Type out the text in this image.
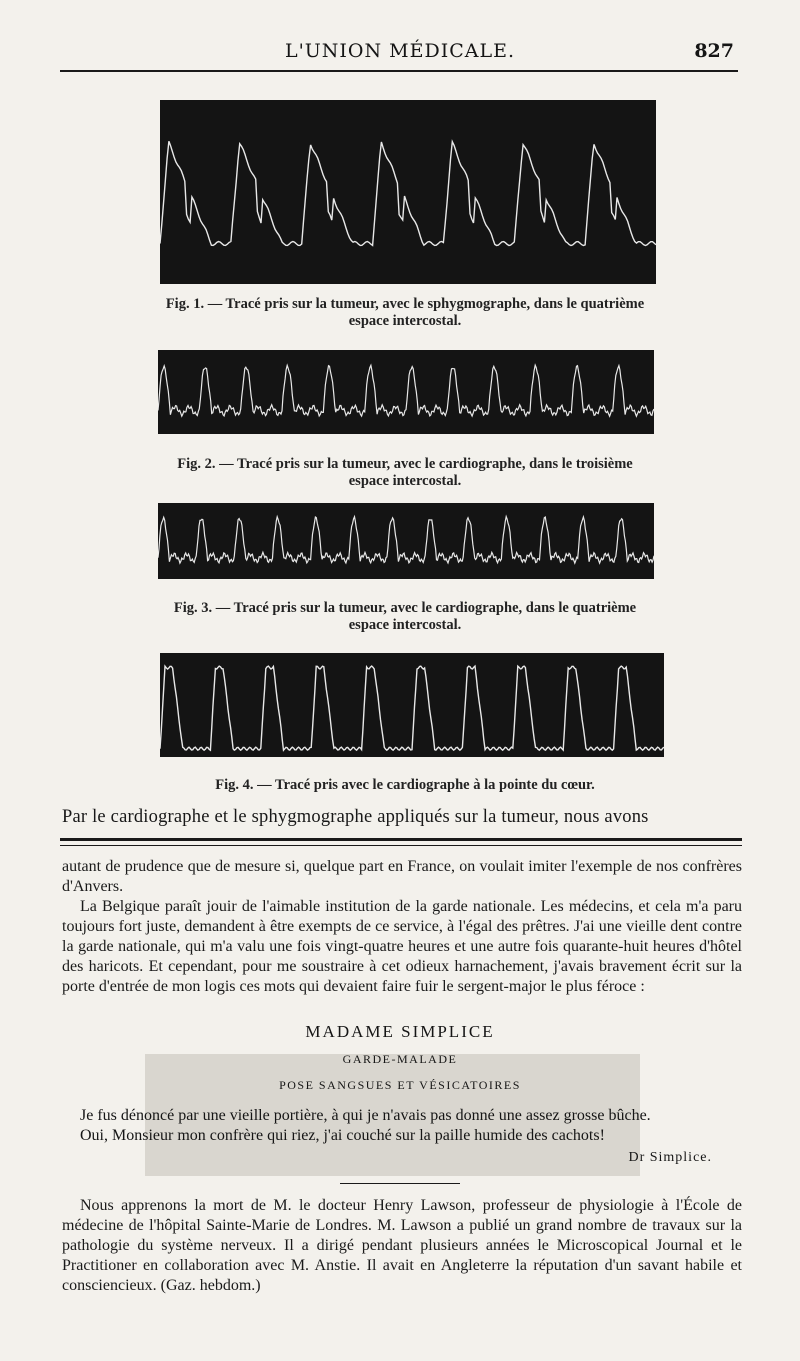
L'UNION MÉDICALE.	827
Fig. 1. — Tracé pris sur la tumeur, avec le sphygmographe, dans le quatrième
espace intercostal.
Fig. 2. — Tracé pris sur la tumeur, avec le cardiographe, dans le troisième
espace intercostal.
Fig. 3. — Tracé pris sur la tumeur, avec le cardiographe, dans le quatrième
espace intercostal.
Fig. 4. — Tracé pris avec le cardiographe à la pointe du cœur.
Par le cardiographe et le sphygmographe appliqués sur la tumeur, nous avons

autant de prudence que de mesure si, quelque part en France, on voulait imiter l'exemple de nos confrères d'Anvers.

La Belgique paraît jouir de l'aimable institution de la garde nationale. Les médecins, et cela m'a paru toujours fort juste, demandent à être exempts de ce service, à l'égal des prêtres. J'ai une vieille dent contre la garde nationale, qui m'a valu une fois vingt-quatre heures et une autre fois quarante-huit heures d'hôtel des haricots. Et cependant, pour me soustraire à cet odieux harnachement, j'avais bravement écrit sur la porte d'entrée de mon logis ces mots qui devaient faire fuir le sergent-major le plus féroce :

MADAME SIMPLICE
GARDE-MALADE
POSE SANGSUES ET VÉSICATOIRES
Je fus dénoncé par une vieille portière, à qui je n'avais pas donné une assez grosse bûche.
Oui, Monsieur mon confrère qui riez, j'ai couché sur la paille humide des cachots!
Dr Simplice.

Nous apprenons la mort de M. le docteur Henry Lawson, professeur de physiologie à l'École de médecine de l'hôpital Sainte-Marie de Londres. M. Lawson a publié un grand nombre de travaux sur la pathologie du système nerveux. Il a dirigé pendant plusieurs années le Microscopical Journal et le Practitioner en collaboration avec M. Anstie. Il avait en Angleterre la réputation d'un savant habile et consciencieux. (Gaz. hebdom.)
